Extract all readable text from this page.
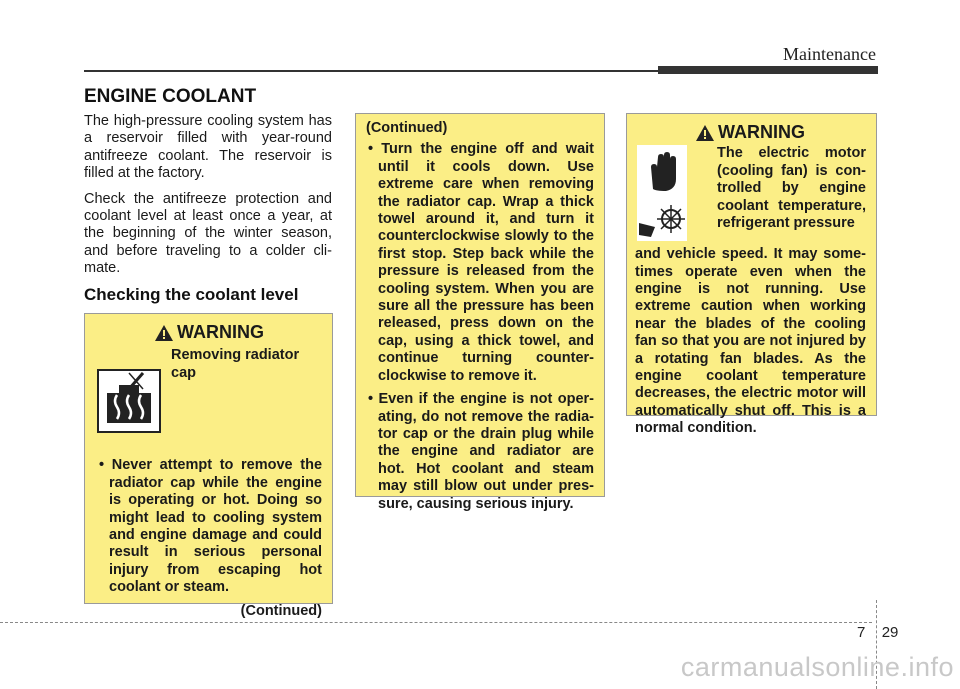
Maintenance
ENGINE COOLANT

The high-pressure cooling system has a reservoir filled with year-round antifreeze coolant. The reservoir is filled at the factory.

Check the antifreeze protection and coolant level at least once a year, at the beginning of the winter season, and before traveling to a colder cli-mate.

Checking the coolant level
WARNING
Removing radiator cap

• Never attempt to remove the radiator cap while the engine is operating or hot. Doing so might lead to cooling system and engine damage and could result in serious personal injury from escaping hot coolant or steam.

(Continued)
(Continued)

• Turn the engine off and wait until it cools down. Use extreme care when removing the radiator cap. Wrap a thick towel around it, and turn it counterclockwise slowly to the first stop. Step back while the pressure is released from the cooling system. When you are sure all the pressure has been released, press down on the cap, using a thick towel, and continue turning counter-clockwise to remove it.

• Even if the engine is not oper-ating, do not remove the radia-tor cap or the drain plug while the engine and radiator are hot. Hot coolant and steam may still blow out under pres-sure, causing serious injury.

WARNING

The electric motor (cooling fan) is con-trolled by engine coolant temperature, refrigerant pressure
and vehicle speed. It may some-times operate even when the engine is not running. Use extreme caution when working near the blades of the cooling fan so that you are not injured by a rotating fan blades. As the engine coolant temperature decreases, the electric motor will automatically shut off. This is a normal condition.
7 29
carmanualsonline.info
